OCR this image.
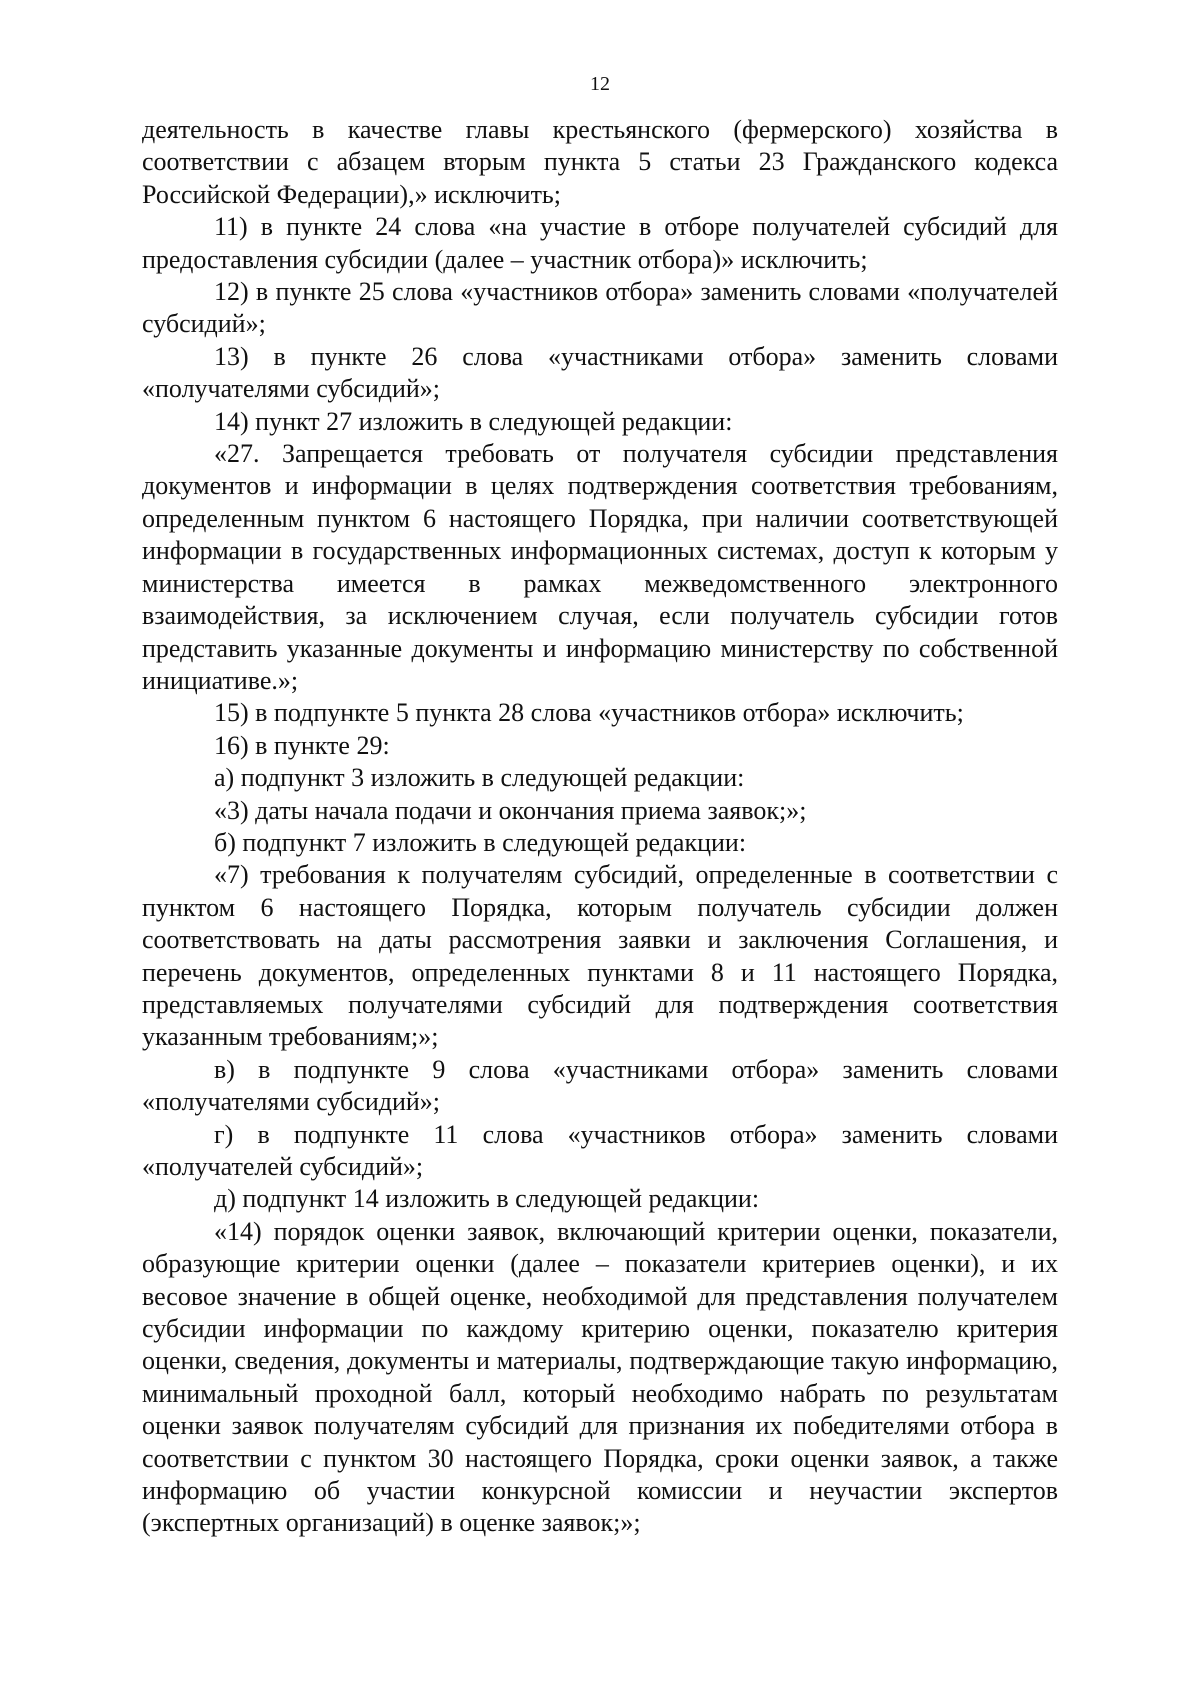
12

деятельность в качестве главы крестьянского (фермерского) хозяйства в соответствии с абзацем вторым пункта 5 статьи 23 Гражданского кодекса Российской Федерации),» исключить;

11) в пункте 24 слова «на участие в отборе получателей субсидий для предоставления субсидии (далее – участник отбора)» исключить;

12) в пункте 25 слова «участников отбора» заменить словами «получателей субсидий»;

13) в пункте 26 слова «участниками отбора» заменить словами «получателями субсидий»;

14) пункт 27 изложить в следующей редакции:

«27. Запрещается требовать от получателя субсидии представления документов и информации в целях подтверждения соответствия требованиям, определенным пунктом 6 настоящего Порядка, при наличии соответствующей информации в государственных информационных системах, доступ к которым у министерства имеется в рамках межведомственного электронного взаимодействия, за исключением случая, если получатель субсидии готов представить указанные документы и информацию министерству по собственной инициативе.»;

15) в подпункте 5 пункта 28 слова «участников отбора» исключить;

16) в пункте 29:

а) подпункт 3 изложить в следующей редакции:

«3) даты начала подачи и окончания приема заявок;»;

б) подпункт 7 изложить в следующей редакции:

«7) требования к получателям субсидий, определенные в соответствии с пунктом 6 настоящего Порядка, которым получатель субсидии должен соответствовать на даты рассмотрения заявки и заключения Соглашения, и перечень документов, определенных пунктами 8 и 11 настоящего Порядка, представляемых получателями субсидий для подтверждения соответствия указанным требованиям;»;

в) в подпункте 9 слова «участниками отбора» заменить словами «получателями субсидий»;

г) в подпункте 11 слова «участников отбора» заменить словами «получателей субсидий»;

д) подпункт 14 изложить в следующей редакции:

«14) порядок оценки заявок, включающий критерии оценки, показатели, образующие критерии оценки (далее – показатели критериев оценки), и их весовое значение в общей оценке, необходимой для представления получателем субсидии информации по каждому критерию оценки, показателю критерия оценки, сведения, документы и материалы, подтверждающие такую информацию, минимальный проходной балл, который необходимо набрать по результатам оценки заявок получателям субсидий для признания их победителями отбора в соответствии с пунктом 30 настоящего Порядка, сроки оценки заявок, а также информацию об участии конкурсной комиссии и неучастии экспертов (экспертных организаций) в оценке заявок;»;
